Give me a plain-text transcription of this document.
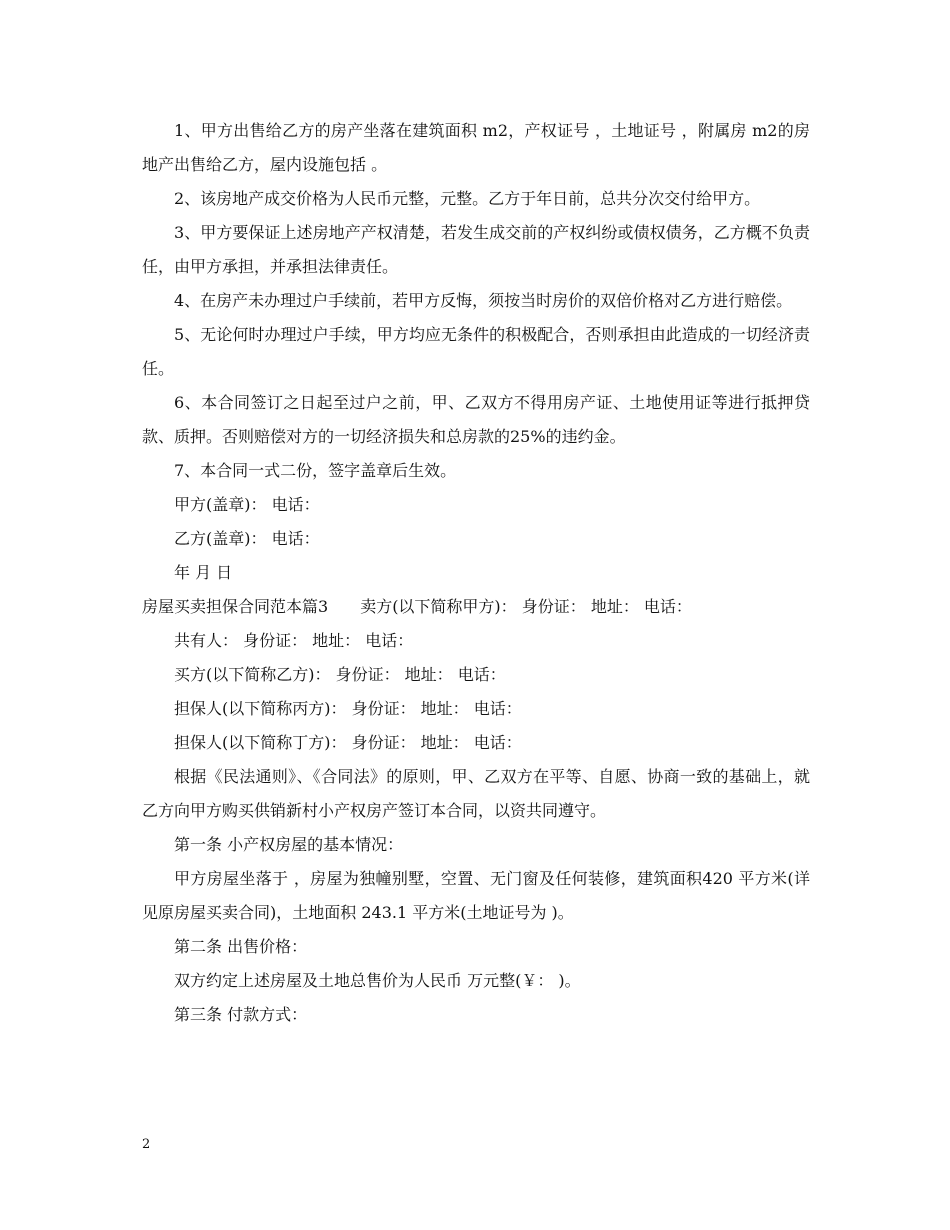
1、甲方出售给乙方的房产坐落在建筑面积 m2，产权证号 ，土地证号 ，附属房 m2的房地产出售给乙方，屋内设施包括 。

2、该房地产成交价格为人民币元整，元整。乙方于年日前，总共分次交付给甲方。

3、甲方要保证上述房地产产权清楚，若发生成交前的产权纠纷或债权债务，乙方概不负责任，由甲方承担，并承担法律责任。

4、在房产未办理过户手续前，若甲方反悔，须按当时房价的双倍价格对乙方进行赔偿。

5、无论何时办理过户手续，甲方均应无条件的积极配合，否则承担由此造成的一切经济责任。

6、本合同签订之日起至过户之前，甲、乙双方不得用房产证、土地使用证等进行抵押贷款、质押。否则赔偿对方的一切经济损失和总房款的25%的违约金。

7、本合同一式二份，签字盖章后生效。

甲方(盖章)： 电话：

乙方(盖章)： 电话：

年 月 日

房屋买卖担保合同范本篇3 卖方(以下简称甲方)： 身份证： 地址： 电话：

共有人： 身份证： 地址： 电话：

买方(以下简称乙方)： 身份证： 地址： 电话：

担保人(以下简称丙方)： 身份证： 地址： 电话：

担保人(以下简称丁方)： 身份证： 地址： 电话：

根据《民法通则》、《合同法》的原则，甲、乙双方在平等、自愿、协商一致的基础上，就乙方向甲方购买供销新村小产权房产签订本合同，以资共同遵守。

第一条 小产权房屋的基本情况：

甲方房屋坐落于 ，房屋为独幢别墅，空置、无门窗及任何装修，建筑面积420 平方米(详见原房屋买卖合同)，土地面积 243.1 平方米(土地证号为 )。

第二条 出售价格：

双方约定上述房屋及土地总售价为人民币 万元整(￥： )。

第三条 付款方式：

2
